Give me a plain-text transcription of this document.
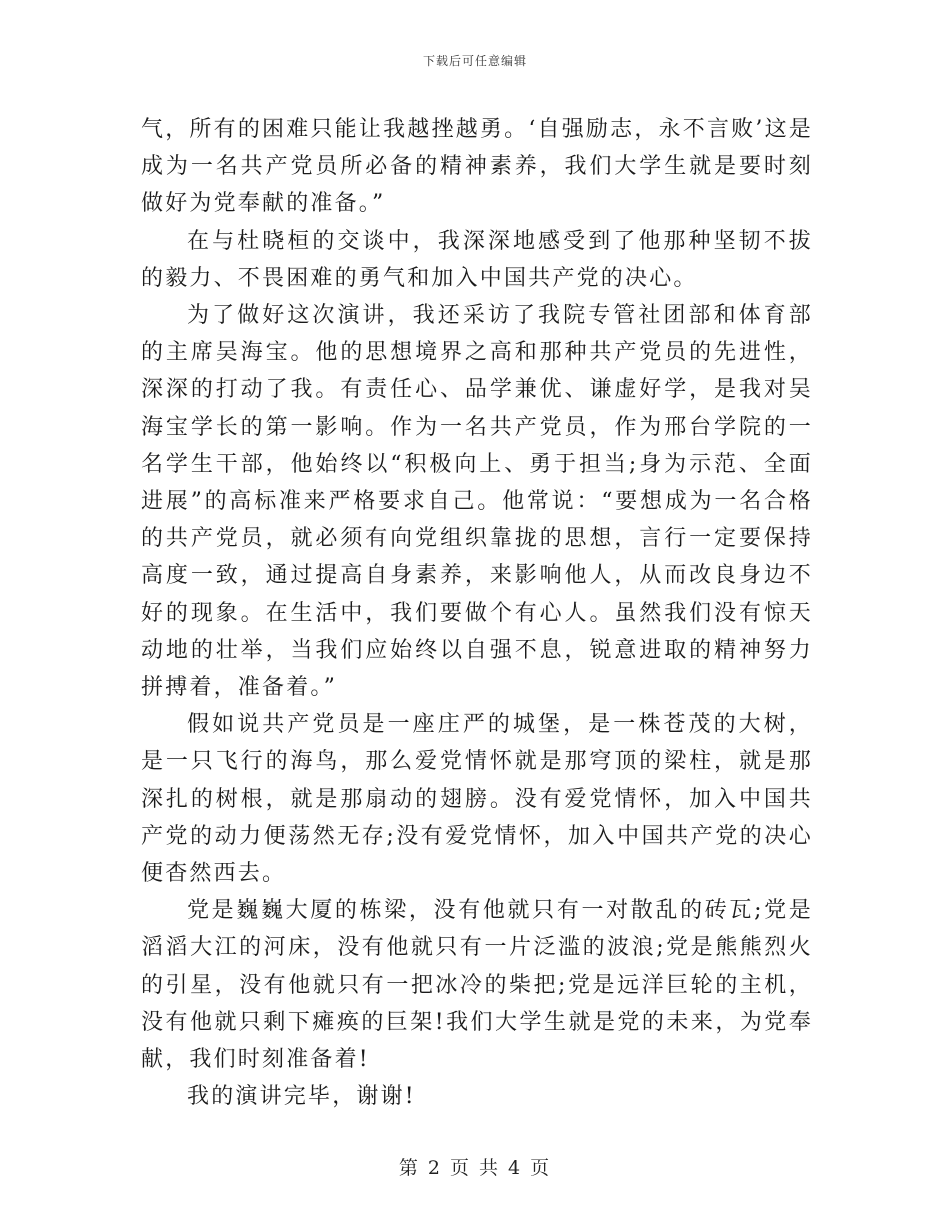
下载后可任意编辑

气，所有的困难只能让我越挫越勇。‘自强励志，永不言败’这是成为一名共产党员所必备的精神素养，我们大学生就是要时刻做好为党奉献的准备。”

在与杜晓桓的交谈中，我深深地感受到了他那种坚韧不拔的毅力、不畏困难的勇气和加入中国共产党的决心。

为了做好这次演讲，我还采访了我院专管社团部和体育部的主席吴海宝。他的思想境界之高和那种共产党员的先进性，深深的打动了我。有责任心、品学兼优、谦虚好学，是我对吴海宝学长的第一影响。作为一名共产党员，作为邢台学院的一名学生干部，他始终以“积极向上、勇于担当;身为示范、全面进展”的高标准来严格要求自己。他常说：“要想成为一名合格的共产党员，就必须有向党组织靠拢的思想，言行一定要保持高度一致，通过提高自身素养，来影响他人，从而改良身边不好的现象。在生活中，我们要做个有心人。虽然我们没有惊天动地的壮举，当我们应始终以自强不息，锐意进取的精神努力拼搏着，准备着。”

假如说共产党员是一座庄严的城堡，是一株苍茂的大树，是一只飞行的海鸟，那么爱党情怀就是那穹顶的梁柱，就是那深扎的树根，就是那扇动的翅膀。没有爱党情怀，加入中国共产党的动力便荡然无存;没有爱党情怀，加入中国共产党的决心便杳然西去。

党是巍巍大厦的栋梁，没有他就只有一对散乱的砖瓦;党是滔滔大江的河床，没有他就只有一片泛滥的波浪;党是熊熊烈火的引星，没有他就只有一把冰冷的柴把;党是远洋巨轮的主机，没有他就只剩下瘫痪的巨架!我们大学生就是党的未来，为党奉献，我们时刻准备着!

我的演讲完毕，谢谢!

第 2 页 共 4 页
